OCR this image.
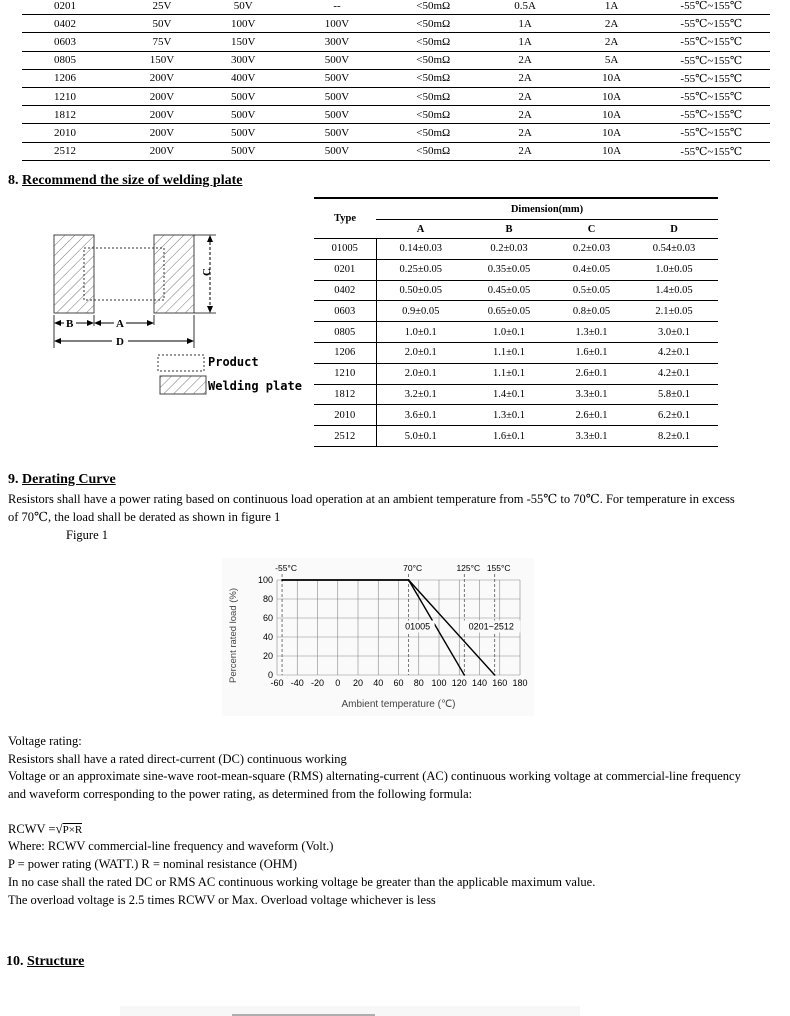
0201	25V	50V	--	<50mΩ	0.5A	1A	-55℃~155℃
0402	50V	100V	100V	<50mΩ	1A	2A	-55℃~155℃
0603	75V	150V	300V	<50mΩ	1A	2A	-55℃~155℃
0805	150V	300V	500V	<50mΩ	2A	5A	-55℃~155℃
1206	200V	400V	500V	<50mΩ	2A	10A	-55℃~155℃
1210	200V	500V	500V	<50mΩ	2A	10A	-55℃~155℃
1812	200V	500V	500V	<50mΩ	2A	10A	-55℃~155℃
2010	200V	500V	500V	<50mΩ	2A	10A	-55℃~155℃
2512	200V	500V	500V	<50mΩ	2A	10A	-55℃~155℃
8. Recommend the size of welding plate
C
B	A
D
Product
Welding plate
Type	Dimension(mm)			
	A	B	C	D
01005	0.14±0.03	0.2±0.03	0.2±0.03	0.54±0.03
0201	0.25±0.05	0.35±0.05	0.4±0.05	1.0±0.05
0402	0.50±0.05	0.45±0.05	0.5±0.05	1.4±0.05
0603	0.9±0.05	0.65±0.05	0.8±0.05	2.1±0.05
0805	1.0±0.1	1.0±0.1	1.3±0.1	3.0±0.1
1206	2.0±0.1	1.1±0.1	1.6±0.1	4.2±0.1
1210	2.0±0.1	1.1±0.1	2.6±0.1	4.2±0.1
1812	3.2±0.1	1.4±0.1	3.3±0.1	5.8±0.1
2010	3.6±0.1	1.3±0.1	2.6±0.1	6.2±0.1
2512	5.0±0.1	1.6±0.1	3.3±0.1	8.2±0.1
9. Derating Curve
Resistors shall have a power rating based on continuous load operation at an ambient temperature from -55℃ to 70℃. For temperature in excess
of 70℃, the load shall be derated as shown in figure 1
Figure 1
0
20
40
60
80
100
-60 -40 -20 0 20 40 60 80 100 120 140 160 180
-55°C	70°C	125°C 155°C
01005	0201~2512
Percent rated load (%)
Ambient temperature (℃)
Voltage rating:
Resistors shall have a rated direct-current (DC) continuous working
Voltage or an approximate sine-wave root-mean-square (RMS) alternating-current (AC) continuous working voltage at commercial-line frequency
and waveform corresponding to the power rating, as determined from the following formula:
RCWV =√P×R
Where: RCWV commercial-line frequency and waveform (Volt.)
P = power rating (WATT.) R = nominal resistance (OHM)
In no case shall the rated DC or RMS AC continuous working voltage be greater than the applicable maximum value.
The overload voltage is 2.5 times RCWV or Max. Overload voltage whichever is less
10. Structure
